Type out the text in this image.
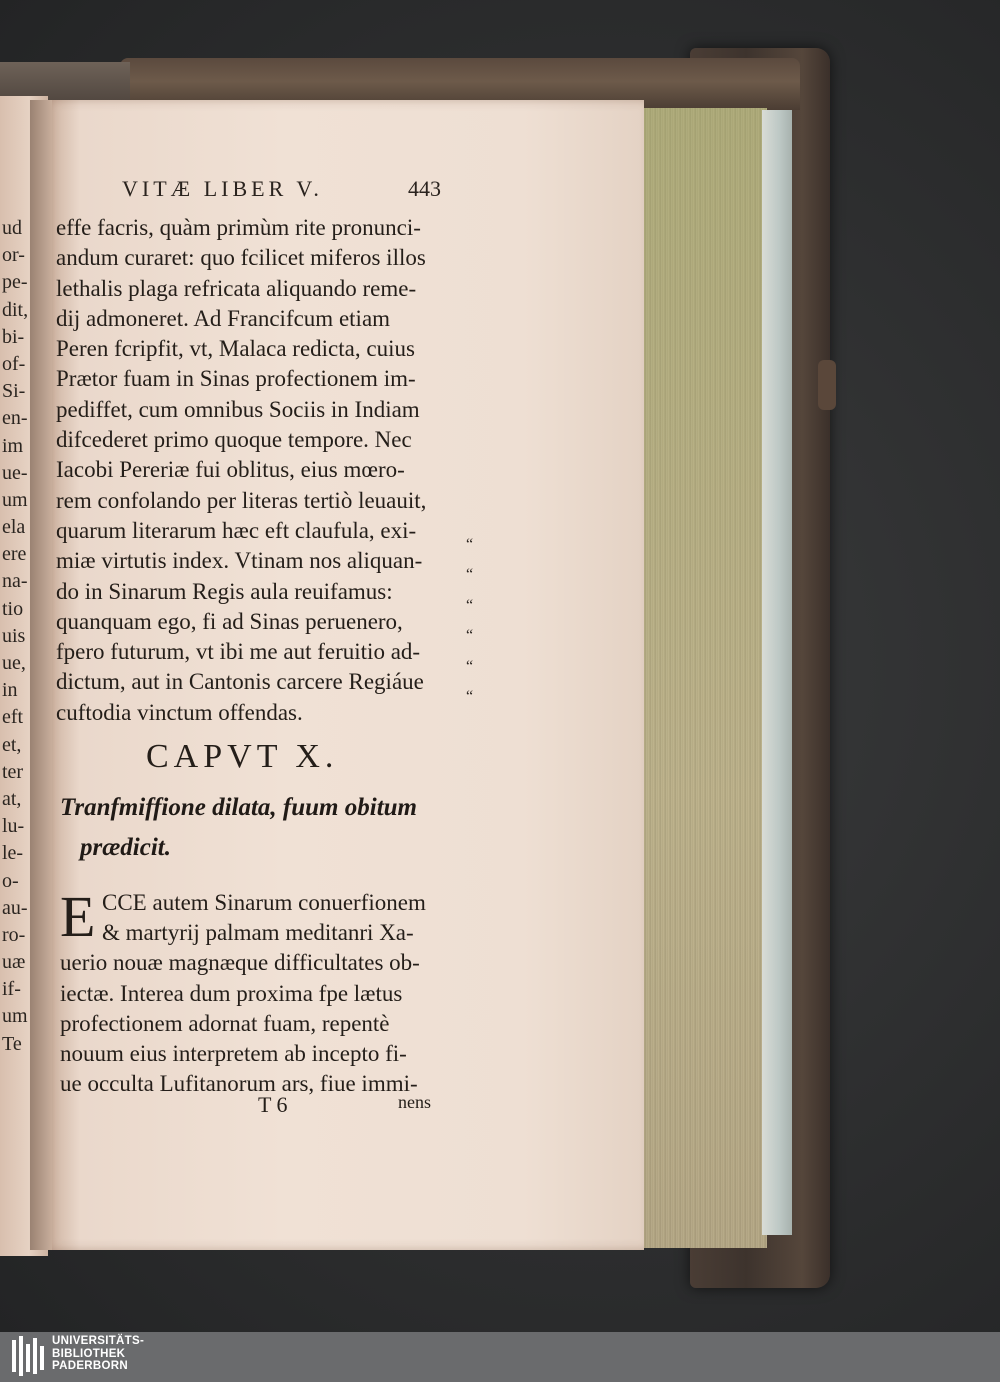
ud
or-
pe-
dit,
bi-
of-
Si-
en-
im
ue-
um
ela
ere
na-
tio
uis
ue,
in
eft
et,
ter
at,
lu-
le-
o-
au-
ro-
uæ
if-
um
Te
VITÆ LIBER V.	443
effe facris, quàm primùm rite pronunci-
andum curaret: quo fcilicet miferos illos
lethalis plaga refricata aliquando reme-
dij admoneret. Ad Francifcum etiam
Peren fcripfit, vt, Malaca redicta, cuius
Prætor fuam in Sinas profectionem im-
pediffet, cum omnibus Sociis in Indiam
difcederet primo quoque tempore. Nec
Iacobi Pereriæ fui oblitus, eius mœro-
rem confolando per literas tertiò leuauit,
quarum literarum hæc eft claufula, exi-
miæ virtutis index. Vtinam nos aliquan-
do in Sinarum Regis aula reuifamus:
quanquam ego, fi ad Sinas peruenero,
fpero futurum, vt ibi me aut feruitio ad-
dictum, aut in Cantonis carcere Regiáue
cuftodia vinctum offendas.
“
“
“
“
“
“
CAPVT X.
Tranfmiffione dilata, fuum obitum
prædicit.
E CCE autem Sinarum conuerfionem
& martyrij palmam meditanri Xa-
uerio nouæ magnæque difficultates ob-
iectæ. Interea dum proxima fpe lætus
profectionem adornat fuam, repentè
nouum eius interpretem ab incepto fi-
ue occulta Lufitanorum ars, fiue immi-
T 6	nens
UNIVERSITÄTS-
BIBLIOTHEK
PADERBORN
